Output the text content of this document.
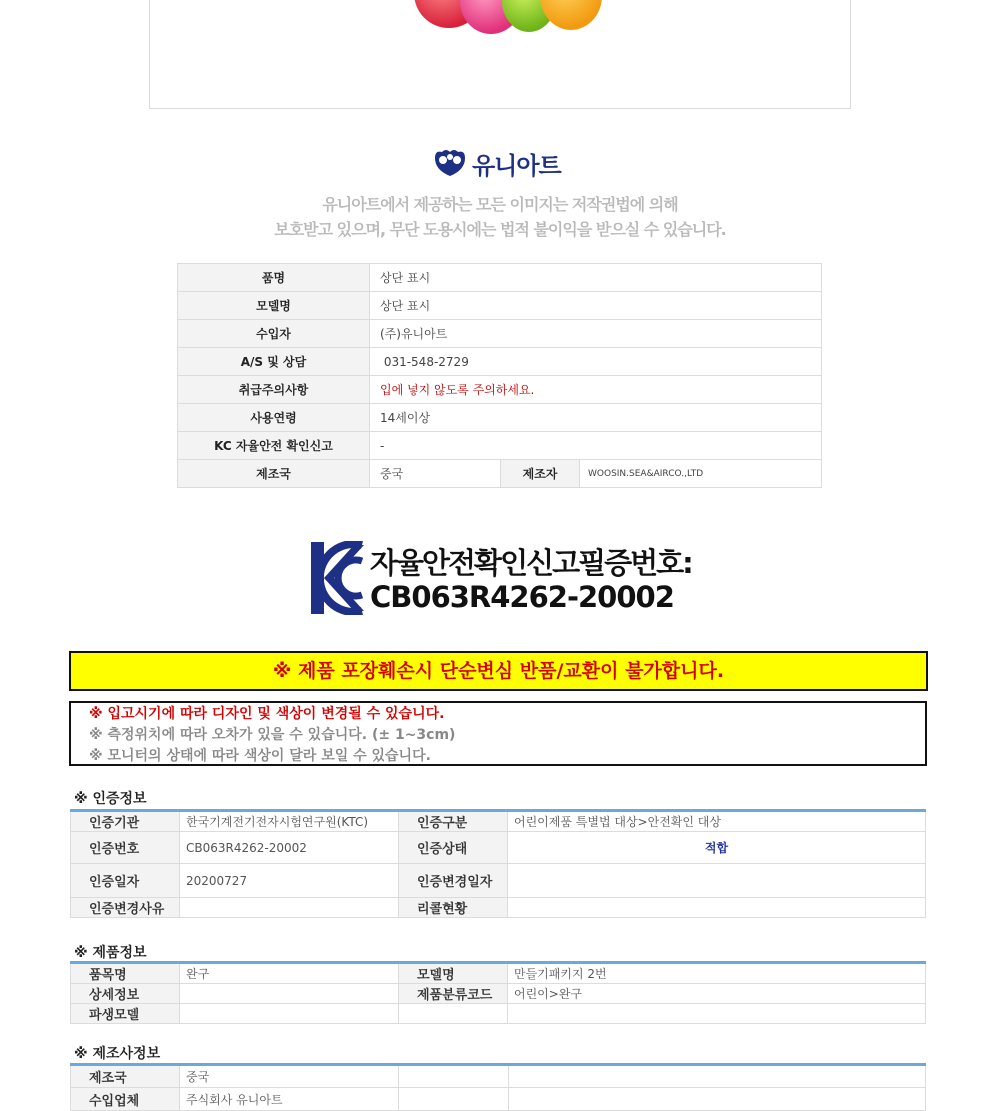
유니아트
유니아트에서 제공하는 모든 이미지는 저작권법에 의해
보호받고 있으며, 무단 도용시에는 법적 불이익을 받으실 수 있습니다.
품명	상단 표시		
모델명	상단 표시		
수입자	(주)유니아트		
A/S 및 상담	031-548-2729		
취급주의사항	입에 넣지 않도록 주의하세요.		
사용연령	14세이상		
KC 자율안전 확인신고	-		
제조국	중국	제조자	WOOSIN.SEA&AIRCO.,LTD
자율안전확인신고필증번호:
CB063R4262-20002
※ 제품 포장훼손시 단순변심 반품/교환이 불가합니다.
※ 입고시기에 따라 디자인 및 색상이 변경될 수 있습니다.
※ 측정위치에 따라 오차가 있을 수 있습니다. (± 1~3cm)
※ 모니터의 상태에 따라 색상이 달라 보일 수 있습니다.
※ 인증정보
인증기관	한국기계전기전자시험연구원(KTC)	인증구분	어린이제품 특별법 대상>안전확인 대상
인증번호	CB063R4262-20002	인증상태	적합
인증일자	20200727	인증변경일자	
인증변경사유		리콜현황	
※ 제품정보
품목명	완구	모델명	만들기패키지 2번
상세정보		제품분류코드	어린이>완구
파생모델			
※ 제조사정보
제조국	중국		
수입업체	주식회사 유니아트		
